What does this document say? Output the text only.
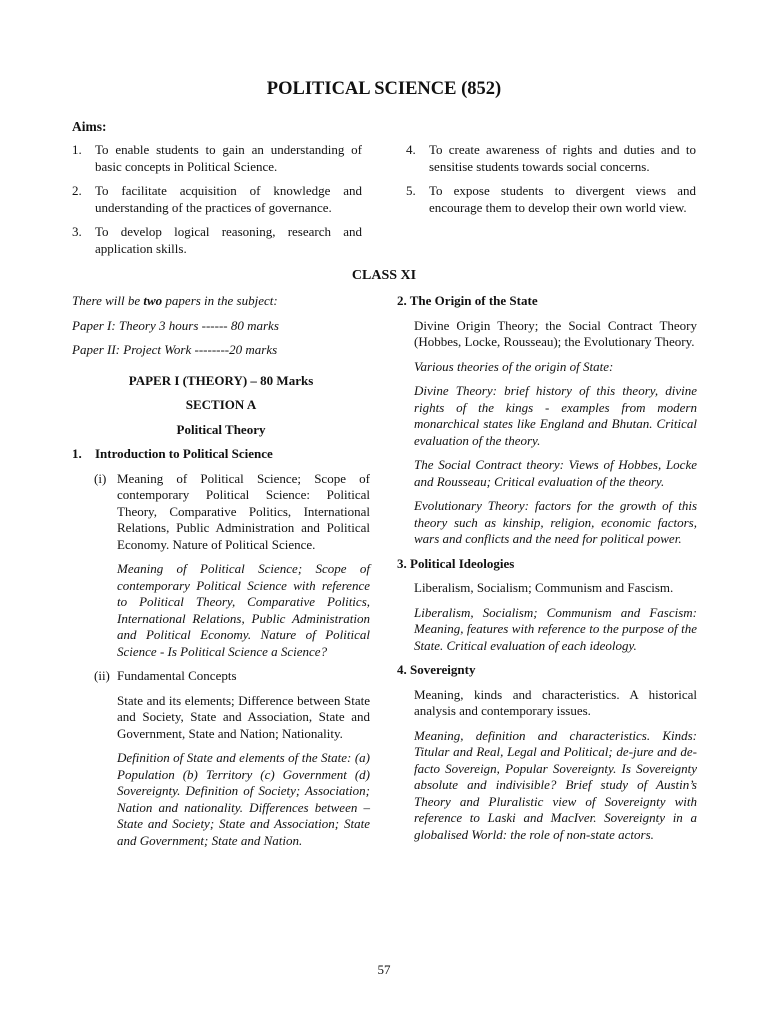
POLITICAL SCIENCE (852)
Aims:
1. To enable students to gain an understanding of basic concepts in Political Science.
2. To facilitate acquisition of knowledge and understanding of the practices of governance.
3. To develop logical reasoning, research and application skills.
4. To create awareness of rights and duties and to sensitise students towards social concerns.
5. To expose students to divergent views and encourage them to develop their own world view.
CLASS XI

There will be two papers in the subject:

Paper I: Theory 3 hours ------ 80 marks

Paper II: Project Work --------20 marks

PAPER I (THEORY) – 80 Marks

SECTION A

Political Theory

1. Introduction to Political Science
(i) Meaning of Political Science; Scope of contemporary Political Science: Political Theory, Comparative Politics, International Relations, Public Administration and Political Economy. Nature of Political Science.

Meaning of Political Science; Scope of contemporary Political Science with reference to Political Theory, Comparative Politics, International Relations, Public Administration and Political Economy. Nature of Political Science - Is Political Science a Science?

(ii) Fundamental Concepts

State and its elements; Difference between State and Society, State and Association, State and Government, State and Nation; Nationality.

Definition of State and elements of the State: (a) Population (b) Territory (c) Government (d) Sovereignty. Definition of Society; Association; Nation and nationality. Differences between – State and Society; State and Association; State and Government; State and Nation.

2. The Origin of the State

Divine Origin Theory; the Social Contract Theory (Hobbes, Locke, Rousseau); the Evolutionary Theory.

Various theories of the origin of State:

Divine Theory: brief history of this theory, divine rights of the kings - examples from modern monarchical states like England and Bhutan. Critical evaluation of the theory.

The Social Contract theory: Views of Hobbes, Locke and Rousseau; Critical evaluation of the theory.

Evolutionary Theory: factors for the growth of this theory such as kinship, religion, economic factors, wars and conflicts and the need for political power.

3. Political Ideologies

Liberalism, Socialism; Communism and Fascism.

Liberalism, Socialism; Communism and Fascism: Meaning, features with reference to the purpose of the State. Critical evaluation of each ideology.

4. Sovereignty

Meaning, kinds and characteristics. A historical analysis and contemporary issues.

Meaning, definition and characteristics. Kinds: Titular and Real, Legal and Political; de-jure and de-facto Sovereign, Popular Sovereignty. Is Sovereignty absolute and indivisible? Brief study of Austin’s Theory and Pluralistic view of Sovereignty with reference to Laski and MacIver. Sovereignty in a globalised World: the role of non-state actors.

57
